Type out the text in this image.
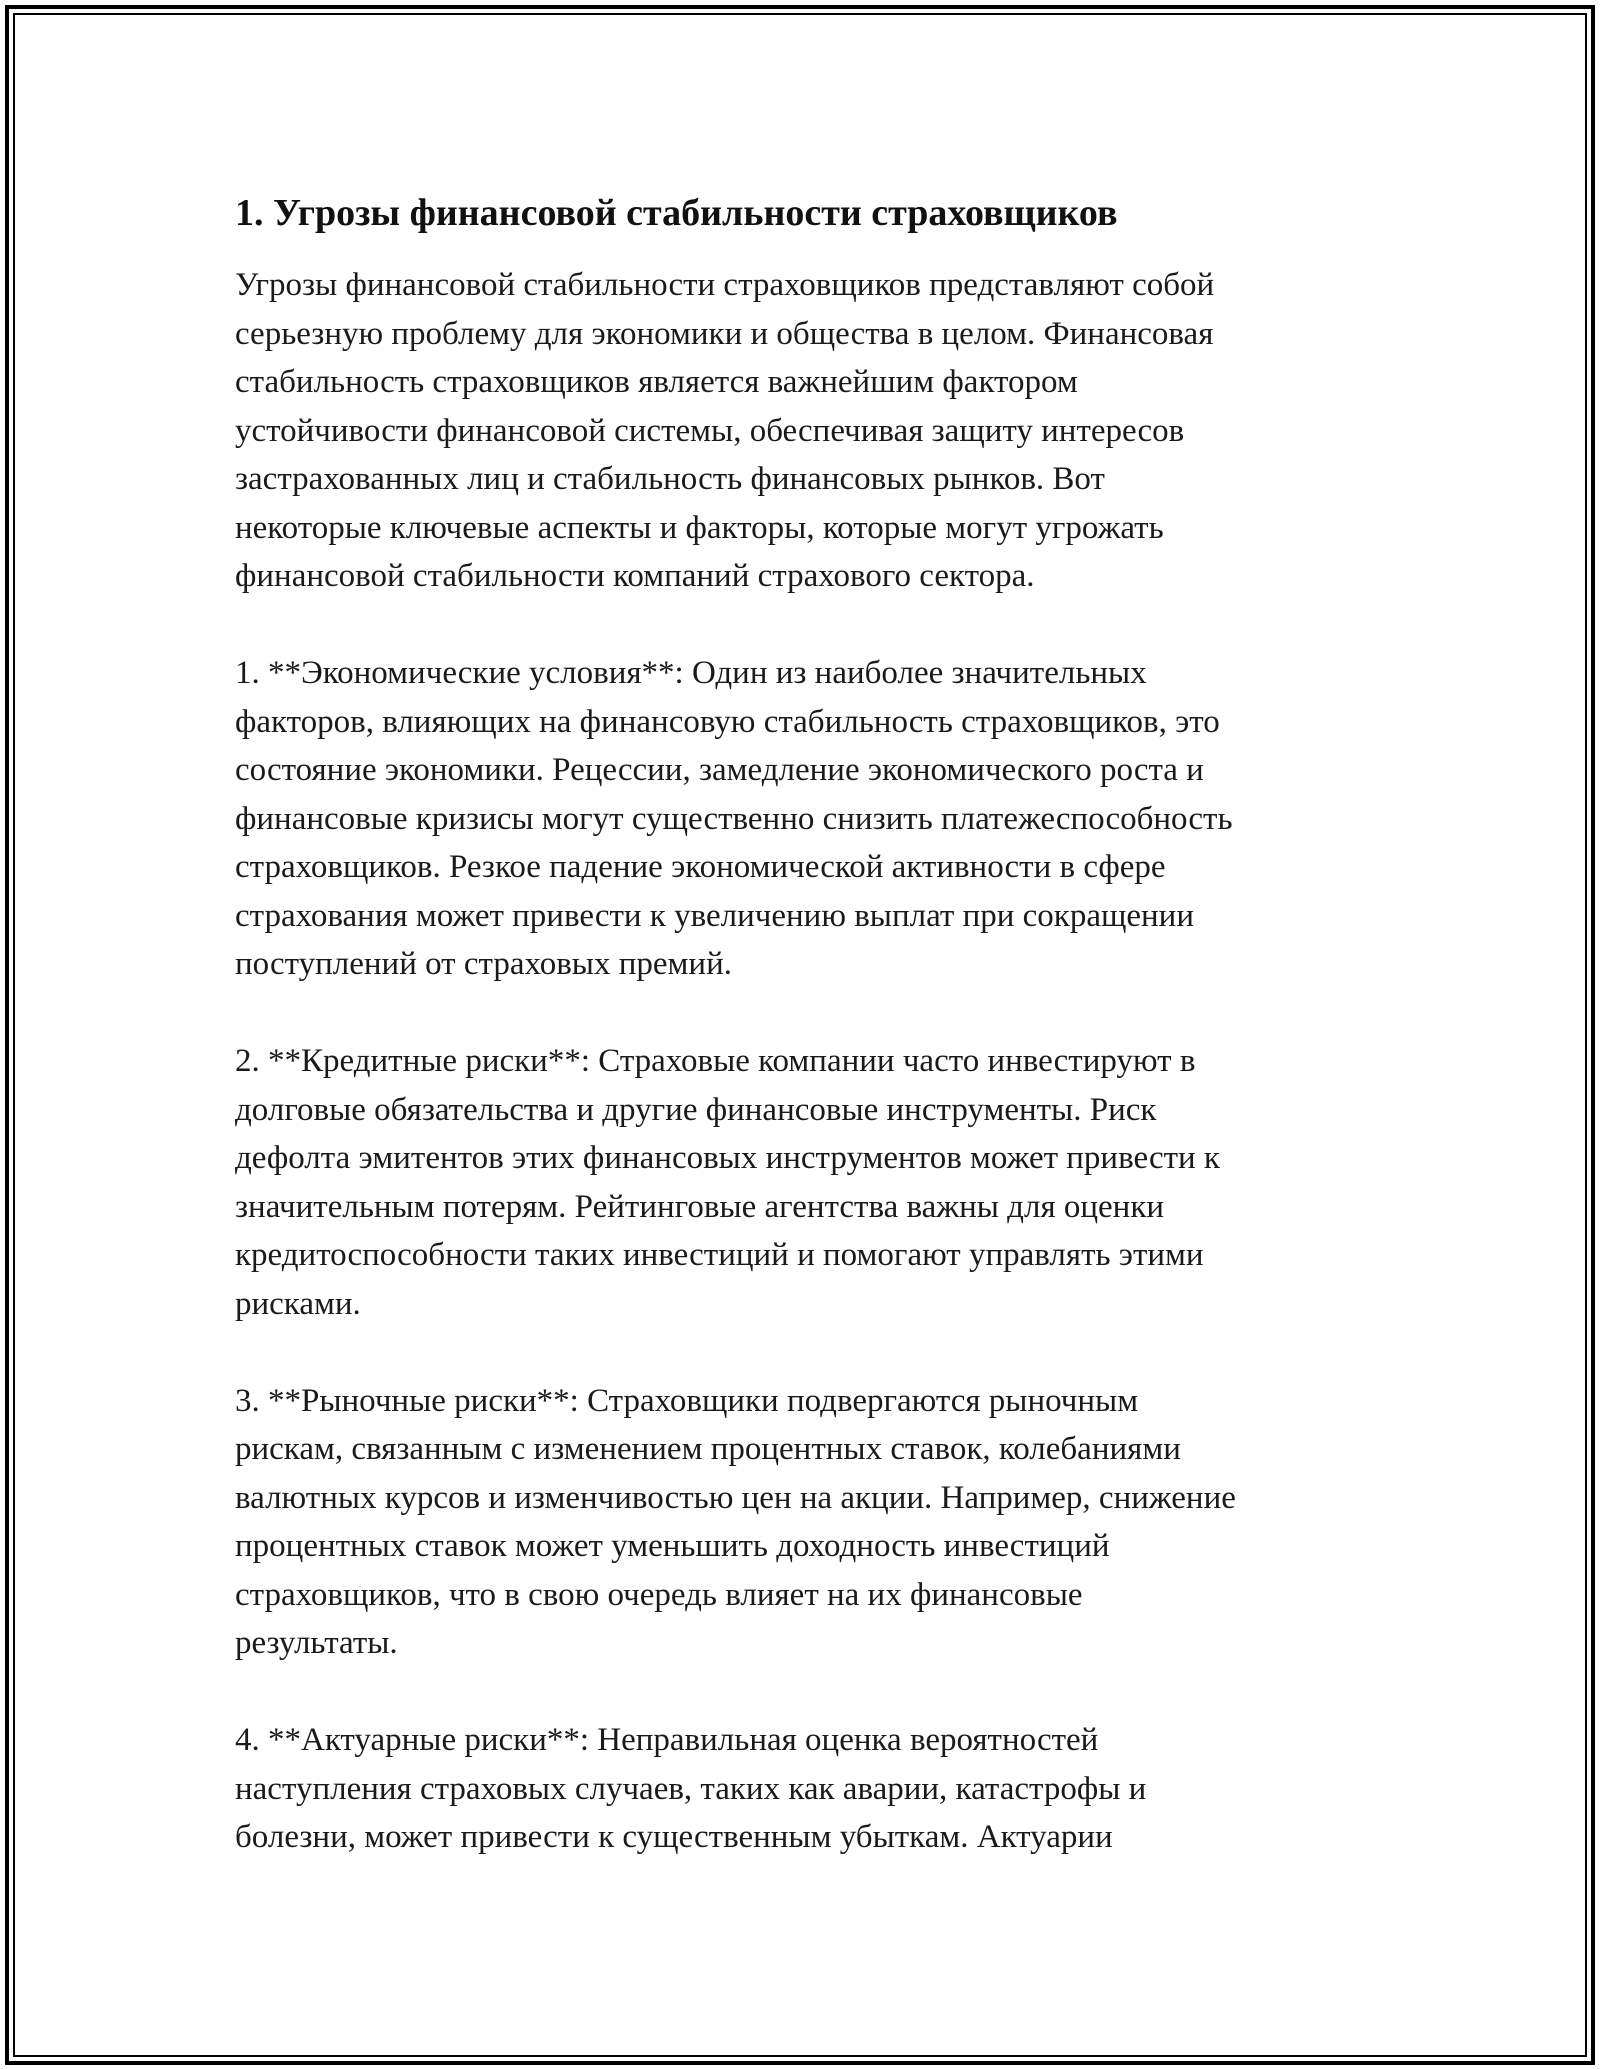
1. Угрозы финансовой стабильности страховщиков

Угрозы финансовой стабильности страховщиков представляют собой
серьезную проблему для экономики и общества в целом. Финансовая
стабильность страховщиков является важнейшим фактором
устойчивости финансовой системы, обеспечивая защиту интересов
застрахованных лиц и стабильность финансовых рынков. Вот
некоторые ключевые аспекты и факторы, которые могут угрожать
финансовой стабильности компаний страхового сектора.

1. **Экономические условия**: Один из наиболее значительных
факторов, влияющих на финансовую стабильность страховщиков, это
состояние экономики. Рецессии, замедление экономического роста и
финансовые кризисы могут существенно снизить платежеспособность
страховщиков. Резкое падение экономической активности в сфере
страхования может привести к увеличению выплат при сокращении
поступлений от страховых премий.

2. **Кредитные риски**: Страховые компании часто инвестируют в
долговые обязательства и другие финансовые инструменты. Риск
дефолта эмитентов этих финансовых инструментов может привести к
значительным потерям. Рейтинговые агентства важны для оценки
кредитоспособности таких инвестиций и помогают управлять этими
рисками.

3. **Рыночные риски**: Страховщики подвергаются рыночным
рискам, связанным с изменением процентных ставок, колебаниями
валютных курсов и изменчивостью цен на акции. Например, снижение
процентных ставок может уменьшить доходность инвестиций
страховщиков, что в свою очередь влияет на их финансовые
результаты.

4. **Актуарные риски**: Неправильная оценка вероятностей
наступления страховых случаев, таких как аварии, катастрофы и
болезни, может привести к существенным убыткам. Актуарии
